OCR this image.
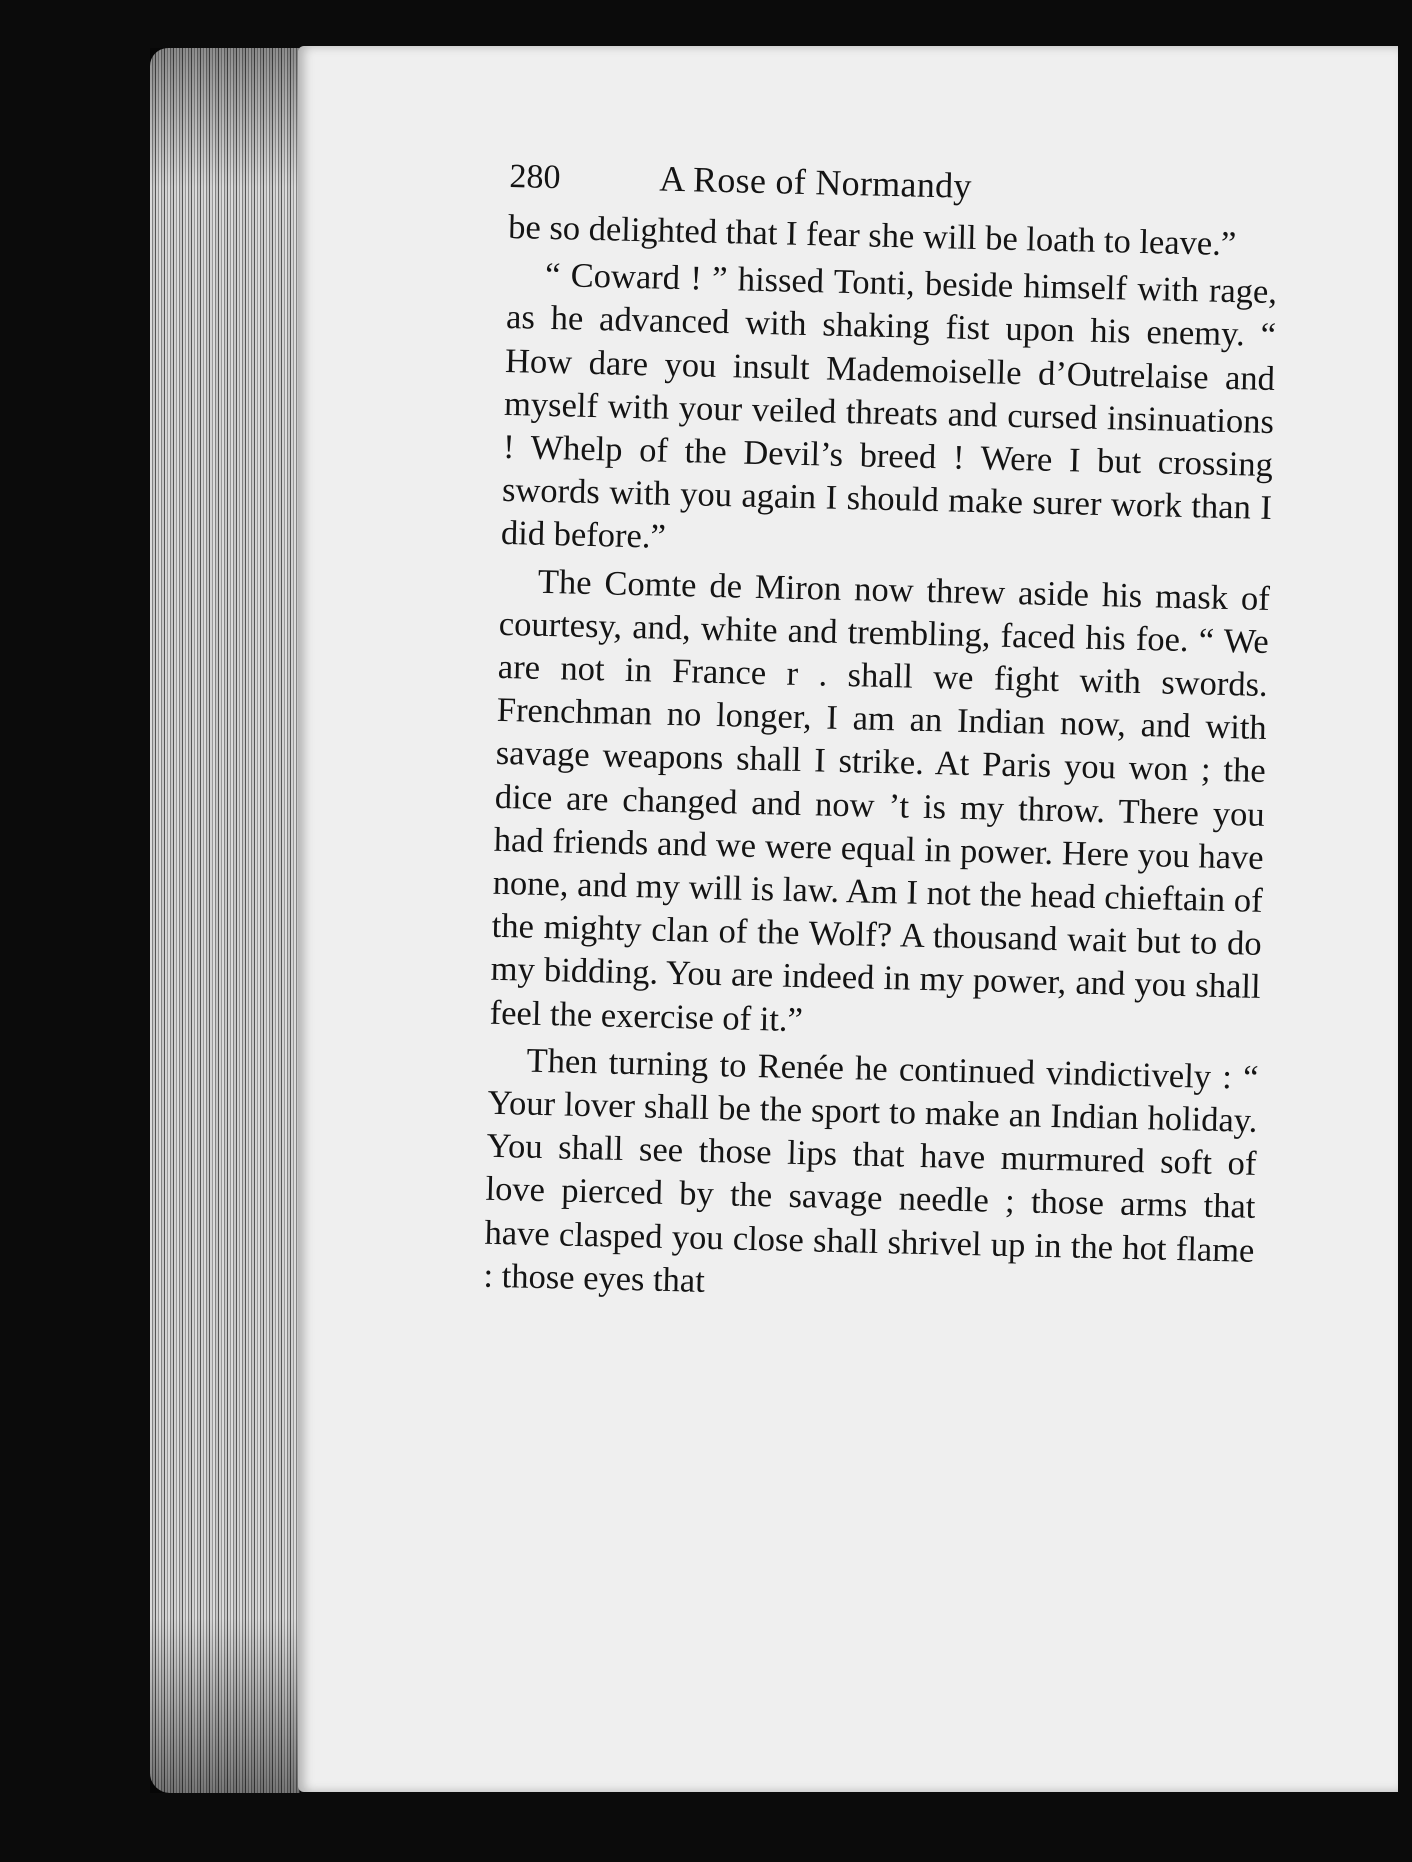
280	A Rose of Normandy

be so delighted that I fear she will be loath to leave.”

“ Coward ! ” hissed Tonti, beside himself with rage, as he advanced with shaking fist upon his enemy. “ How dare you insult Mademoiselle d’Outrelaise and myself with your veiled threats and cursed insinuations ! Whelp of the Devil’s breed ! Were I but crossing swords with you again I should make surer work than I did before.”

The Comte de Miron now threw aside his mask of courtesy, and, white and trembling, faced his foe. “ We are not in France r . shall we fight with swords. Frenchman no longer, I am an Indian now, and with savage weapons shall I strike. At Paris you won ; the dice are changed and now ’t is my throw. There you had friends and we were equal in power. Here you have none, and my will is law. Am I not the head chieftain of the mighty clan of the Wolf? A thousand wait but to do my bidding. You are indeed in my power, and you shall feel the exercise of it.”

Then turning to Renée he continued vindictively : “ Your lover shall be the sport to make an Indian holiday. You shall see those lips that have murmured soft of love pierced by the savage needle ; those arms that have clasped you close shall shrivel up in the hot flame : those eyes that
